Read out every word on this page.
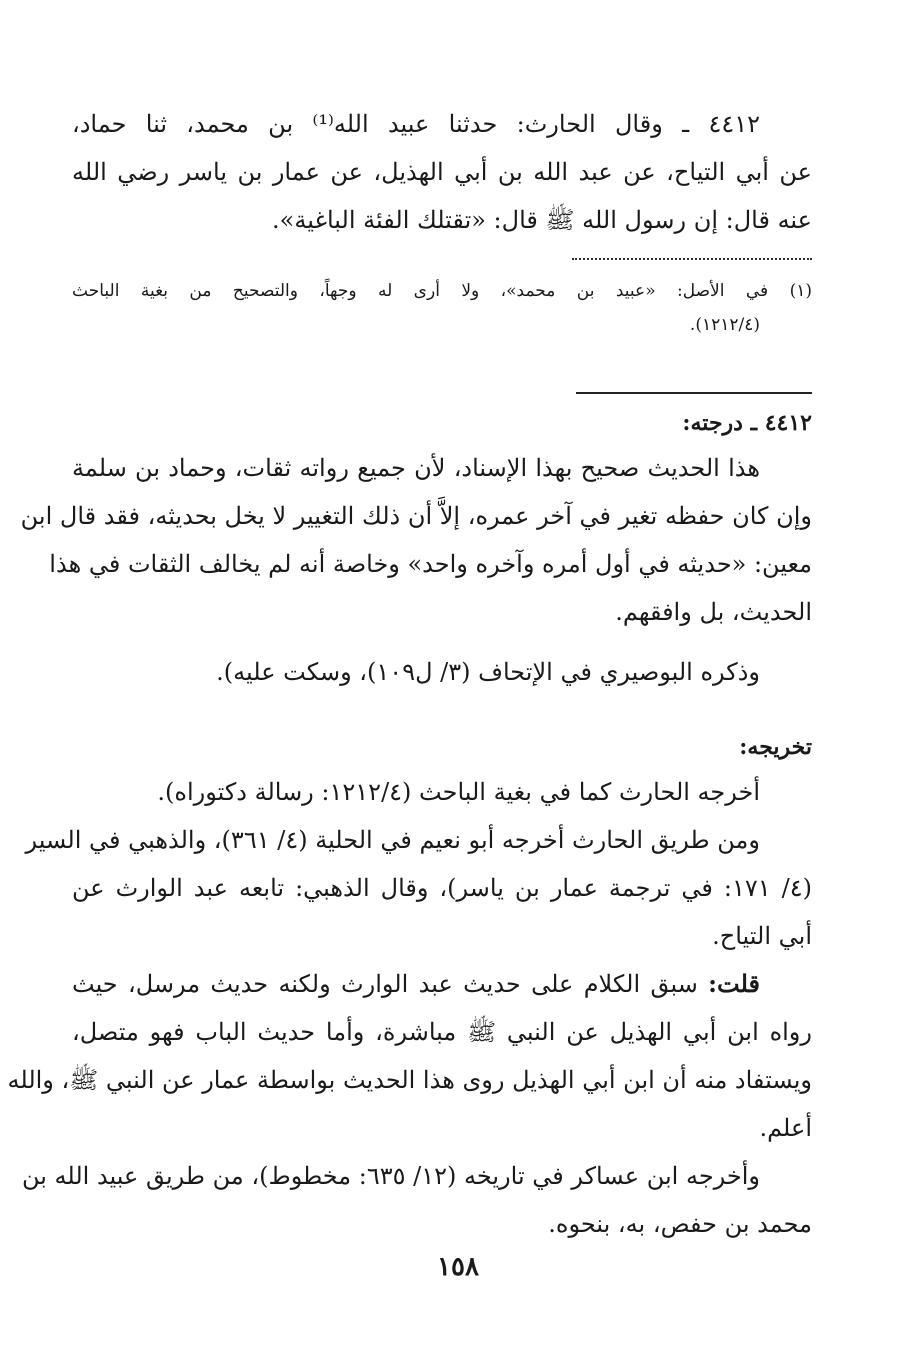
٤٤١٢ ـ وقال الحارث: حدثنا عبيد الله⁽¹⁾ بن محمد، ثنا حماد،
عن أبي التياح، عن عبد الله بن أبي الهذيل، عن عمار بن ياسر رضي الله
عنه قال: إن رسول الله ﷺ قال: «تقتلك الفئة الباغية».
(١) في الأصل: «عبيد بن محمد»، ولا أرى له وجهاً، والتصحيح من بغية الباحث
(١٢١٢/٤).
٤٤١٢ ـ درجته:
هذا الحديث صحيح بهذا الإسناد، لأن جميع رواته ثقات، وحماد بن سلمة
وإن كان حفظه تغير في آخر عمره، إلاَّ أن ذلك التغيير لا يخل بحديثه، فقد قال ابن
معين: «حديثه في أول أمره وآخره واحد» وخاصة أنه لم يخالف الثقات في هذا
الحديث، بل وافقهم.
وذكره البوصيري في الإتحاف (٣/ ل١٠٩)، وسكت عليه).
تخريجه:
أخرجه الحارث كما في بغية الباحث (١٢١٢/٤: رسالة دكتوراه).
ومن طريق الحارث أخرجه أبو نعيم في الحلية (٤/ ٣٦١)، والذهبي في السير
(٤/ ١٧١: في ترجمة عمار بن ياسر)، وقال الذهبي: تابعه عبد الوارث عن
أبي التياح.
قلت: سبق الكلام على حديث عبد الوارث ولكنه حديث مرسل، حيث
رواه ابن أبي الهذيل عن النبي ﷺ مباشرة، وأما حديث الباب فهو متصل،
ويستفاد منه أن ابن أبي الهذيل روى هذا الحديث بواسطة عمار عن النبي ﷺ، والله
أعلم.
وأخرجه ابن عساكر في تاريخه (١٢/ ٦٣٥: مخطوط)، من طريق عبيد الله بن
محمد بن حفص، به، بنحوه.
١٥٨
